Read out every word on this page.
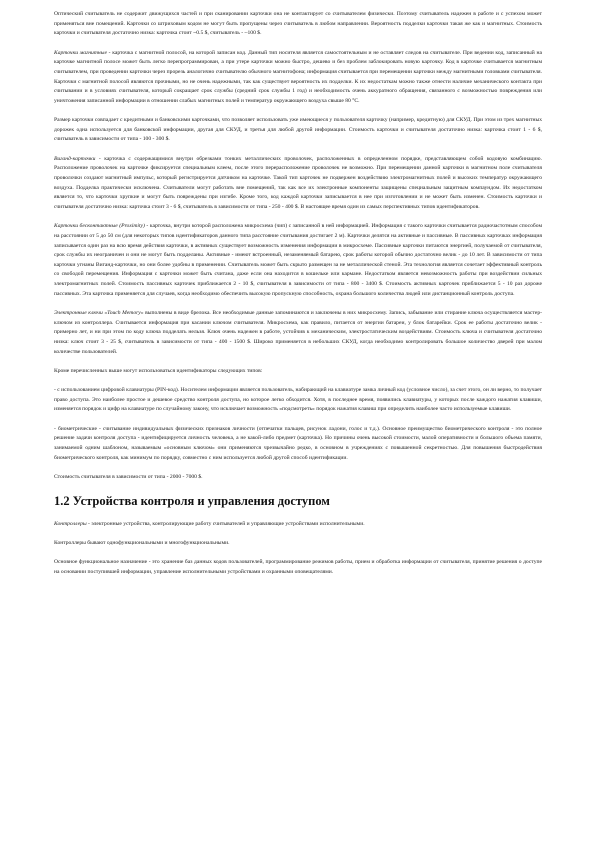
Оптический считыватель не содержит движущихся частей и при сканировании карточки она не контактирует со считывателем физически. Поэтому считыватель надежен в работе и с успехом может применяться вне помещений. Карточки со штриховым кодом не могут быть пропущены через считыватель в любом направлении. Вероятность подделки карточки такая же как и магнитных. Стоимость карточки и считывателя достаточно низка: карточка стоит ~0.5 $, считыватель - ~100 $.

Карточки магнитные - карточка с магнитной полосой, на которой записан код. Данный тип носителя является самостоятельным и не оставляет следов на считывателе. При ведении код, записанный на карточке магнитной полосе может быть легко перепрограммирован, а при утере карточки можно быстро, дешево и без проблем заблокировать новую карточку. Код в карточке считывается магнитным считывателем, при проведении карточки через прорезь аналогично считывателю обычного магнитофона; информация считывается при перемещении карточки между магнитными головками считывателя. Карточки с магнитной полосой являются прочными, но не очень надежными, так как существует вероятность их подделки. К их недостаткам можно также отнести наличие механического контакта при считывании и в условиях считывателя, который сокращает срок службы (средний срок службы 1 год) и необходимость очень аккуратного обращения, связанного с возможностью повреждения или уничтожения записанной информации в отношении слабых магнитных полей и температур окружающего воздуха свыше 80 °С.

Размер карточки совпадает с кредитными и банковскими карточками, что позволяет использовать уже имеющиеся у пользователя карточку (например, кредитную) для СКУД. При этом из трех магнитных дорожек одна используется для банковской информации, другая для СКУД, и третья для любой другой информации. Стоимость карточки и считывателя достаточно низка: карточка стоит 1 - 6 $, считыватель в зависимости от типа - 100 - 300 $.

Виганд-карточки - карточка с содержащимися внутри обрезками тонких металлических проволочек, расположенных в определенном порядке, представляющем собой кодовую комбинацию. Расположение проволочек на карточке фиксируется специальным клеем, после этого перерасположение проволочек не возможно. При перемещении данной карточки в магнитном поле считывателя проволочки создают магнитный импульс, который регистрируется датчиком на карточке. Такой тип карточек не подвержен воздействию электромагнитных полей и высоких температур окружающего воздуха. Подделка практически исключена. Считыватели могут работать вне помещений, так как все их электронные компоненты защищены специальным защитным компаундом. Их недостатком является то, что карточки хрупкие и могут быть повреждены при изгибе. Кроме того, код каждой карточки записывается в нее при изготовлении и не может быть изменен. Стоимость карточки и считывателя достаточно низка: карточка стоит 3 - 6 $, считыватель в зависимости от типа - 250 - 400 $. В настоящее время один из самых перспективных типов идентификаторов.

Карточки бесконтактные (Proximity) - карточка, внутри которой расположена микросхема (чип) с записанной в ней информацией. Информация с такого карточки считывается радиочастотным способом на расстоянии от 5 до 50 см (для некоторых типов идентификаторов данного типа расстояние считывания достигает 2 м). Карточки делятся на активные и пассивные. В пассивных карточках информация записывается один раз на всю время действия карточки, в активных существует возможность изменения информации в микросхеме. Пассивные карточки питаются энергией, получаемой от считывателя, срок службы их неограничен и они не могут быть подделаны. Активные - имеют встроенный, незаменяемый батарею, срок работы которой обычно достаточно велик - до 10 лет. В зависимости от типа карточки угнаны Виганд-карточки, но они более удобны в применении. Считыватель может быть скрыто размещен за не металлической стеной. Эта технология является сочетает эффективный контроль со свободой перемещения. Информация с карточки может быть считана, даже если она находится в кошельке или кармане. Недостатком является невозможность работы при воздействии сильных электромагнитных полей. Стоимость пассивных карточек приближается 2 - 10 $, считывателя в зависимости от типа - 800 - 3400 $. Стоимость активных карточек приближается 5 - 10 раз дороже пассивных. Эта карточка применяется для случаев, когда необходимо обеспечить высокую пропускную способность, охрана большого количества людей или дистанционный контроль доступа.

Электронные ключи «Touch Memory» выполнены в виде брелока. Все необходимые данные запоминаются и заключены в них микросхему. Запись, забывание или стирание ключа осуществляется мастер-ключом из контроллера. Считывается информация при касании ключом считывателя. Микросхема, как правило, питается от энергии батареи, у блок батарейки. Срок ее работы достаточно велик - примерно лет, и ни при этом по коду ключа подделать нельзя. Ключ очень надежен в работе, устойчив к механическим, электростатическим воздействиям. Стоимость ключа и считывателя достаточно низка: ключ стоит 3 - 25 $, считыватель в зависимости от типа - 400 - 1500 $. Широко применяется в небольших СКУД, когда необходимо контролировать большое количество дверей при малом количестве пользователей.

Кроме перечисленных выше могут использоваться идентификаторы следующих типов:

- с использованием цифровой клавиатуры (PIN-код). Носителем информации является пользователь, набирающий на клавиатуре замка личный код (условное число), за счет этого, он ли верно, то получает право доступа. Это наиболее простое и дешевое средство контроля доступа, но которое легко обходится. Хотя, в последнее время, появились клавиатуры, у которых после каждого нажатия клавиши, изменяется порядок и цифр на клавиатуре по случайному закону, что исключает возможность «подсмотреть» порядок нажатия клавиш при определить наиболее часто используемые клавиши.

- биометрические - считывание индивидуальных физических признаков личности (отпечатки пальцев, рисунок ладони, голос и т.д.). Основное преимущество биометрического контроля - это полное решение задачи контроля доступа - идентифицируется личность человека, а не какой-либо предмет (карточка). Но причины очень высокой стоимости, малой оперативности и большого объема памяти, занимаемой одним шаблоном, называемым «основным ключом» они применяются чрезвычайно редко, в основном в учреждениях с повышенной секретностью. Для повышения быстродействия биометрического контроля, как минимум по порядку, совместно с ним используется любой другой способ идентификации.

Стоимость считывателя в зависимости от типа - 2000 - 7000 $.

1.2 Устройства контроля и управления доступом

Контроллеры - электронные устройства, контролирующие работу считывателей и управляющие устройствами исполнительными.

Контроллеры бывают однофункциональными и многофункциональными.

Основное функциональное назначение - это хранение баз данных кодов пользователей, программирование режимов работы, прием и обработка информации от считывателя, принятие решения о доступе на основании поступившей информации, управление исполнительными устройствами и охранными оповещателями.
